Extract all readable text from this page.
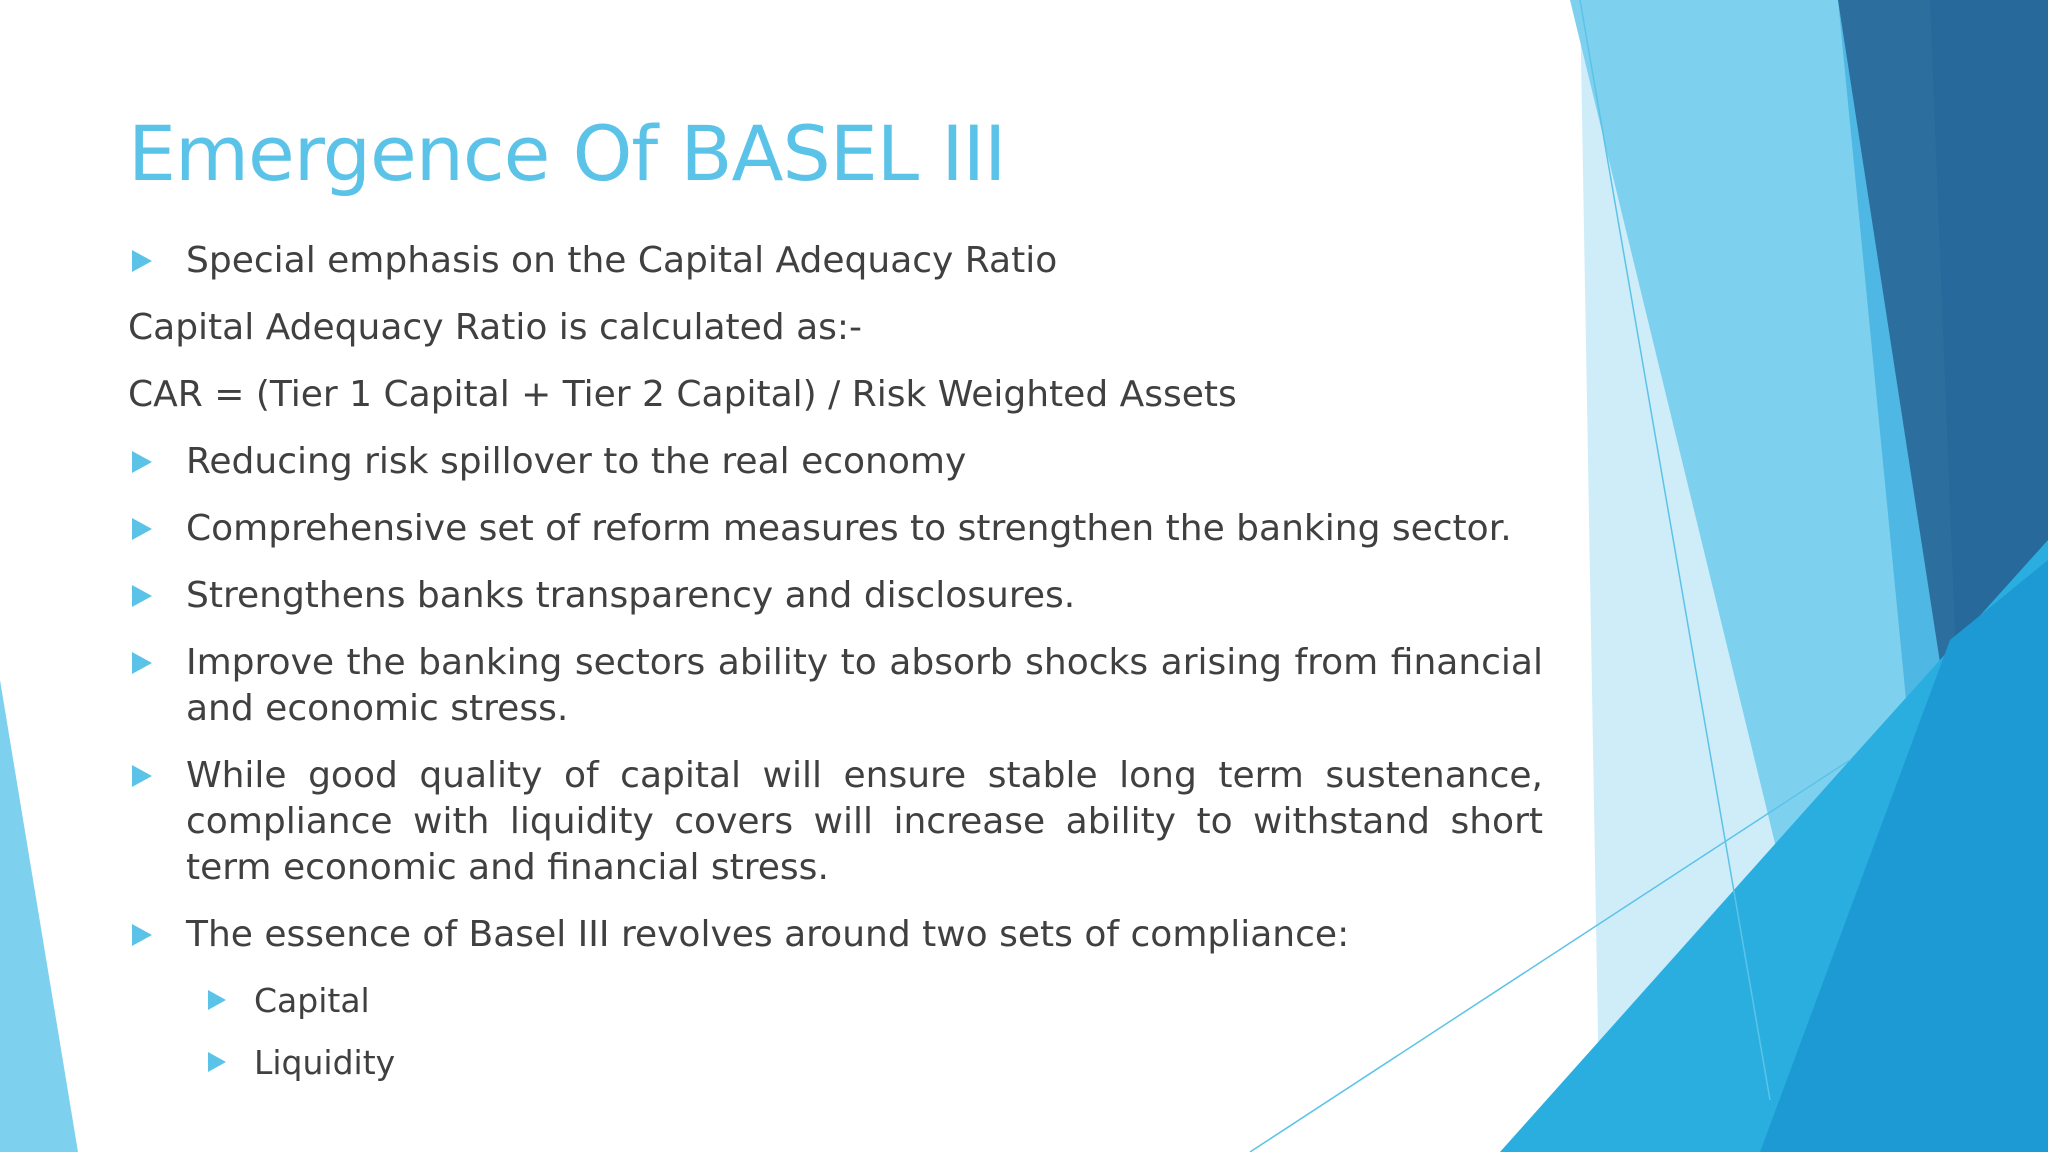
Emergence Of BASEL III
Special emphasis on the Capital Adequacy Ratio
Capital Adequacy Ratio is calculated as:-
CAR = (Tier 1 Capital + Tier 2 Capital) / Risk Weighted Assets
Reducing risk spillover to the real economy
Comprehensive set of reform measures to strengthen the banking sector.
Strengthens banks transparency and disclosures.
Improve the banking sectors ability to absorb shocks arising from financial and economic stress.
While good quality of capital will ensure stable long term sustenance, compliance with liquidity covers will increase ability to withstand short term economic and financial stress.
The essence of Basel III revolves around two sets of compliance:
Capital
Liquidity
